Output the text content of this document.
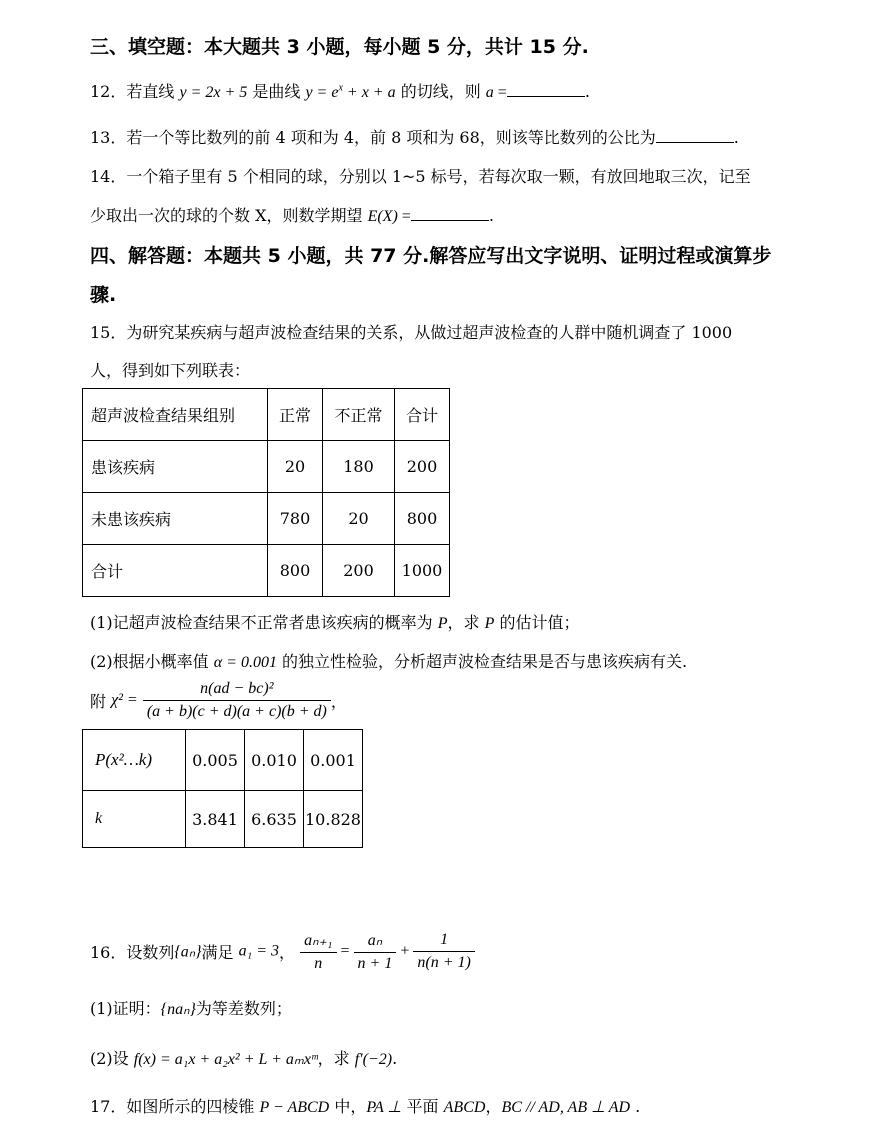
三、填空题：本大题共 3 小题，每小题 5 分，共计 15 分.
12．若直线 y = 2x + 5 是曲线 $y = e^x + x + a$ 的切线，则 a =	.
13．若一个等比数列的前 4 项和为 4，前 8 项和为 68，则该等比数列的公比为	.
14．一个箱子里有 5 个相同的球，分别以 1~5 标号，若每次取一颗，有放回地取三次，记至
少取出一次的球的个数 X，则数学期望 E(X) =	.
四、解答题：本题共 5 小题，共 77 分.解答应写出文字说明、证明过程或演算步
骤.
15．为研究某疾病与超声波检查结果的关系，从做过超声波检查的人群中随机调查了 1000
人，得到如下列联表：
超声波检查结果组别	正常	不正常	合计
患该疾病	20	180	200
未患该疾病	780	20	800
合计	800	200	1000
(1)记超声波检查结果不正常者患该疾病的概率为 P，求 P 的估计值；
(2)根据小概率值 α = 0.001 的独立性检验，分析超声波检查结果是否与患该疾病有关.
附 $\chi^2 = \frac{\text{n(ad − bc)²}}{(a + b)(c + d)(a + c)(b + d)}$ ，
P(x²…k)	0.005	0.010	0.001
k	3.841	6.635	10.828
16．设数列{aₙ}满足 a₁ = 3， $\frac{\text{aₙ₊₁}}{n} = \frac{\text{aₙ}}{n + 1} + \frac{1}{n(n + 1)}$
(1)证明：{naₙ}为等差数列；
(2)设 f(x) = a₁x + a₂x² + L + aₘxᵐ，求 f′(−2).
17．如图所示的四棱锥 P − ABCD 中，PA ⊥ 平面 ABCD，BC // AD, AB ⊥ AD .
